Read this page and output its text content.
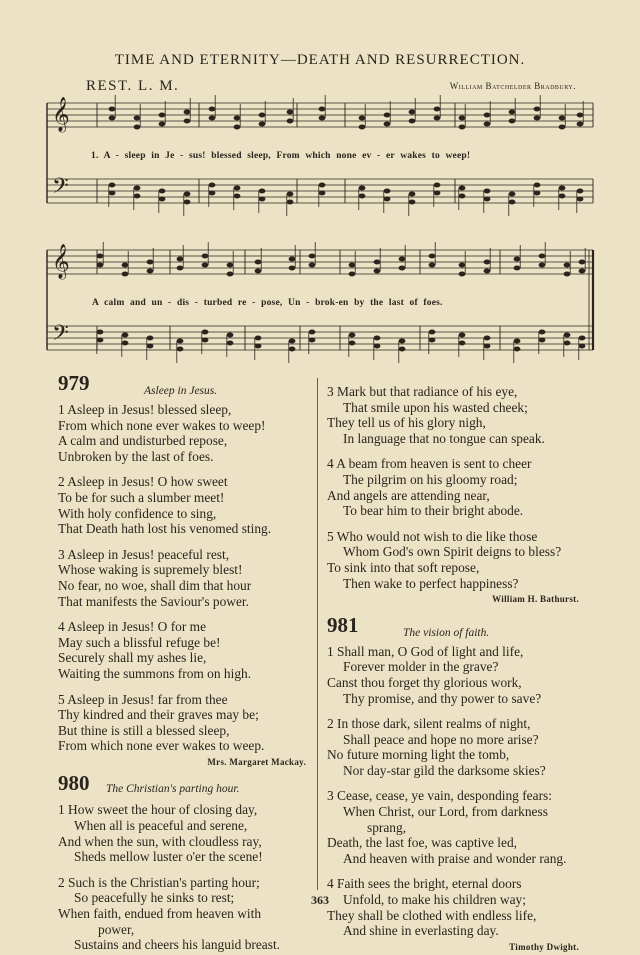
TIME AND ETERNITY—DEATH AND RESURRECTION.
REST. L. M.	William Batchelder Bradbury.
𝄞
𝄢
𝄞
𝄢
1. A - sleep in Je - sus! blessed sleep, From which none ev - er wakes to weep!
A calm and un - dis - turbed re - pose, Un - brok-en by the last of foes.
979	Asleep in Jesus.

1 Asleep in Jesus! blessed sleep,

From which none ever wakes to weep!

A calm and undisturbed repose,

Unbroken by the last of foes.

2 Asleep in Jesus! O how sweet

To be for such a slumber meet!

With holy confidence to sing,

That Death hath lost his venomed sting.

3 Asleep in Jesus! peaceful rest,

Whose waking is supremely blest!

No fear, no woe, shall dim that hour

That manifests the Saviour's power.

4 Asleep in Jesus! O for me

May such a blissful refuge be!

Securely shall my ashes lie,

Waiting the summons from on high.

5 Asleep in Jesus! far from thee

Thy kindred and their graves may be;

But thine is still a blessed sleep,

From which none ever wakes to weep.

Mrs. Margaret Mackay.

980 The Christian's parting hour.

1 How sweet the hour of closing day,

When all is peaceful and serene,

And when the sun, with cloudless ray,

Sheds mellow luster o'er the scene!

2 Such is the Christian's parting hour;

So peacefully he sinks to rest;

When faith, endued from heaven with

power,

Sustains and cheers his languid breast.

3 Mark but that radiance of his eye,

That smile upon his wasted cheek;

They tell us of his glory nigh,

In language that no tongue can speak.

4 A beam from heaven is sent to cheer

The pilgrim on his gloomy road;

And angels are attending near,

To bear him to their bright abode.

5 Who would not wish to die like those

Whom God's own Spirit deigns to bless?

To sink into that soft repose,

Then wake to perfect happiness?

William H. Bathurst.

981	The vision of faith.

1 Shall man, O God of light and life,

Forever molder in the grave?

Canst thou forget thy glorious work,

Thy promise, and thy power to save?

2 In those dark, silent realms of night,

Shall peace and hope no more arise?

No future morning light the tomb,

Nor day-star gild the darksome skies?

3 Cease, cease, ye vain, desponding fears:

When Christ, our Lord, from darkness

sprang,

Death, the last foe, was captive led,

And heaven with praise and wonder rang.

4 Faith sees the bright, eternal doors

Unfold, to make his children way;

They shall be clothed with endless life,

And shine in everlasting day.

Timothy Dwight.

363
